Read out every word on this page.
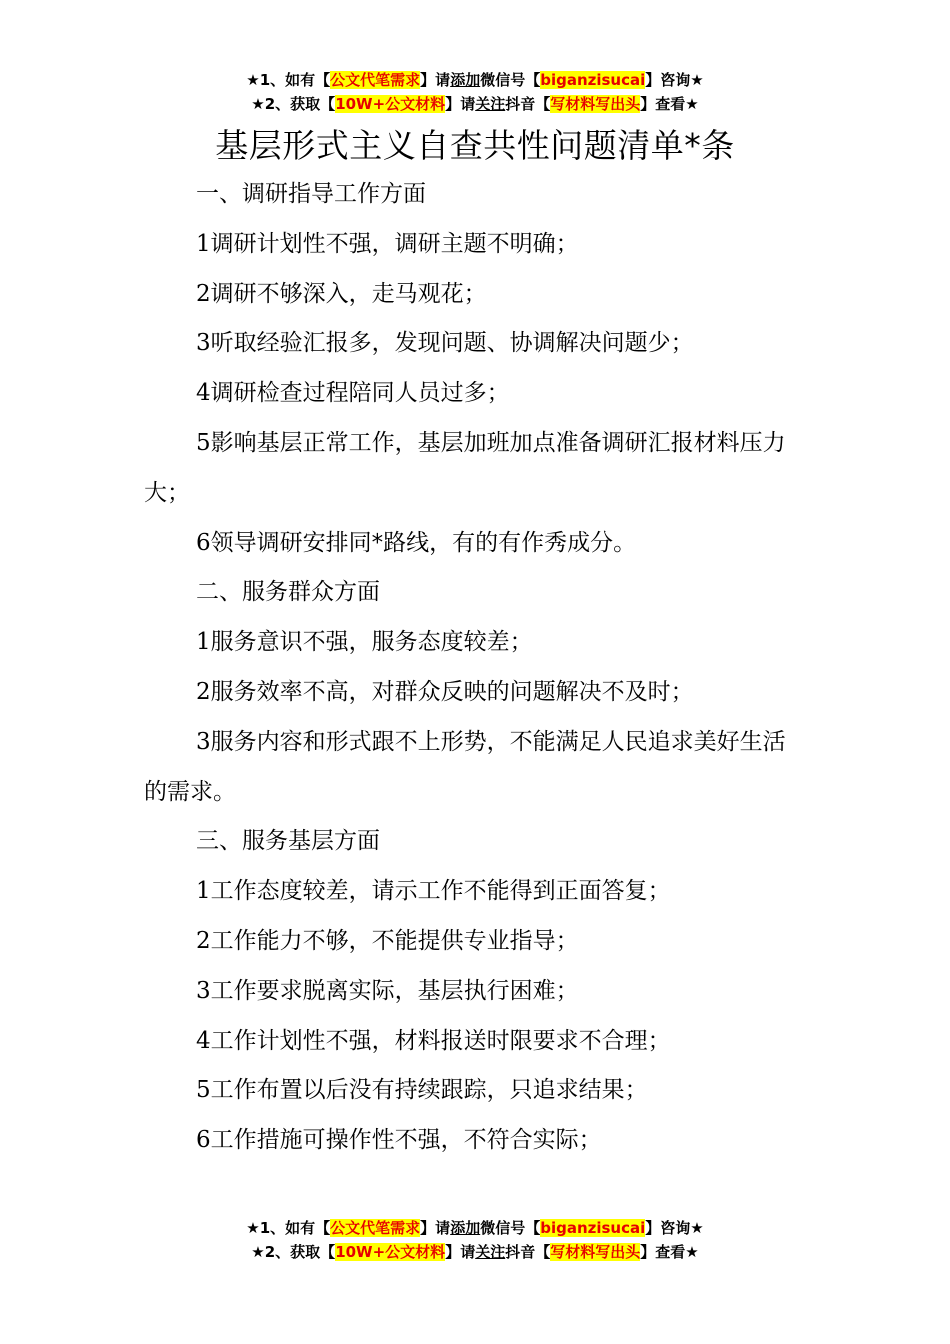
★1、如有【公文代笔需求】请添加微信号【biganzisucai】咨询★
★2、获取【10W+公文材料】请关注抖音【写材料写出头】查看★
基层形式主义自查共性问题清单*条
一、调研指导工作方面
1调研计划性不强，调研主题不明确；
2调研不够深入，走马观花；
3听取经验汇报多，发现问题、协调解决问题少；
4调研检查过程陪同人员过多；
5影响基层正常工作，基层加班加点准备调研汇报材料压力大；
6领导调研安排同*路线，有的有作秀成分。
二、服务群众方面
1服务意识不强，服务态度较差；
2服务效率不高，对群众反映的问题解决不及时；
3服务内容和形式跟不上形势，不能满足人民追求美好生活的需求。
三、服务基层方面
1工作态度较差，请示工作不能得到正面答复；
2工作能力不够，不能提供专业指导；
3工作要求脱离实际，基层执行困难；
4工作计划性不强，材料报送时限要求不合理；
5工作布置以后没有持续跟踪，只追求结果；
6工作措施可操作性不强，不符合实际；
★1、如有【公文代笔需求】请添加微信号【biganzisucai】咨询★
★2、获取【10W+公文材料】请关注抖音【写材料写出头】查看★
